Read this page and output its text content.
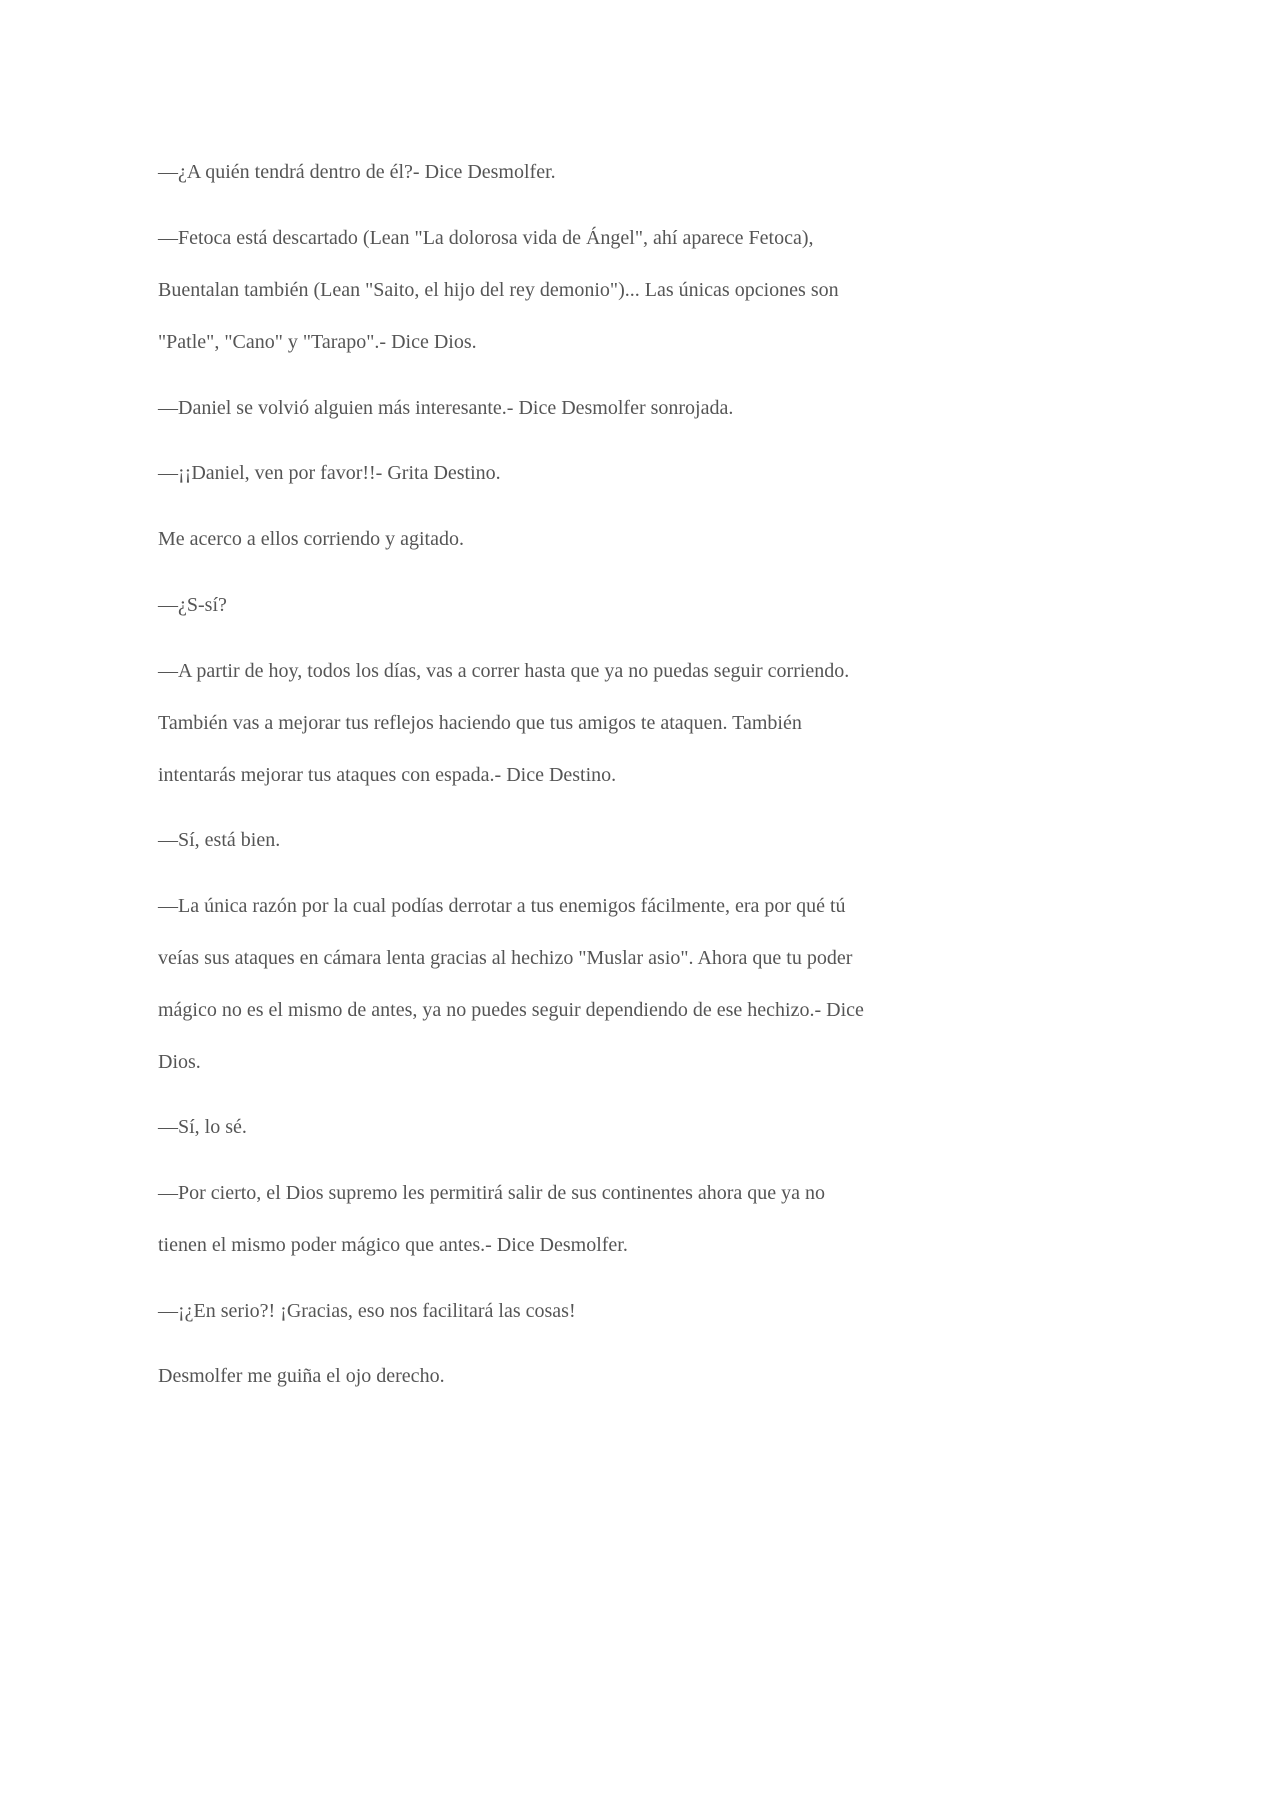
—¿A quién tendrá dentro de él?- Dice Desmolfer.

—Fetoca está descartado (Lean "La dolorosa vida de Ángel", ahí aparece Fetoca),
Buentalan también (Lean "Saito, el hijo del rey demonio")... Las únicas opciones son
"Patle", "Cano" y "Tarapo".- Dice Dios.

—Daniel se volvió alguien más interesante.- Dice Desmolfer sonrojada.

—¡¡Daniel, ven por favor!!- Grita Destino.

Me acerco a ellos corriendo y agitado.

—¿S-sí?

—A partir de hoy, todos los días, vas a correr hasta que ya no puedas seguir corriendo.
También vas a mejorar tus reflejos haciendo que tus amigos te ataquen. También
intentarás mejorar tus ataques con espada.- Dice Destino.

—Sí, está bien.

—La única razón por la cual podías derrotar a tus enemigos fácilmente, era por qué tú
veías sus ataques en cámara lenta gracias al hechizo "Muslar asio". Ahora que tu poder
mágico no es el mismo de antes, ya no puedes seguir dependiendo de ese hechizo.- Dice
Dios.

—Sí, lo sé.

—Por cierto, el Dios supremo les permitirá salir de sus continentes ahora que ya no
tienen el mismo poder mágico que antes.- Dice Desmolfer.

—¡¿En serio?! ¡Gracias, eso nos facilitará las cosas!

Desmolfer me guiña el ojo derecho.
